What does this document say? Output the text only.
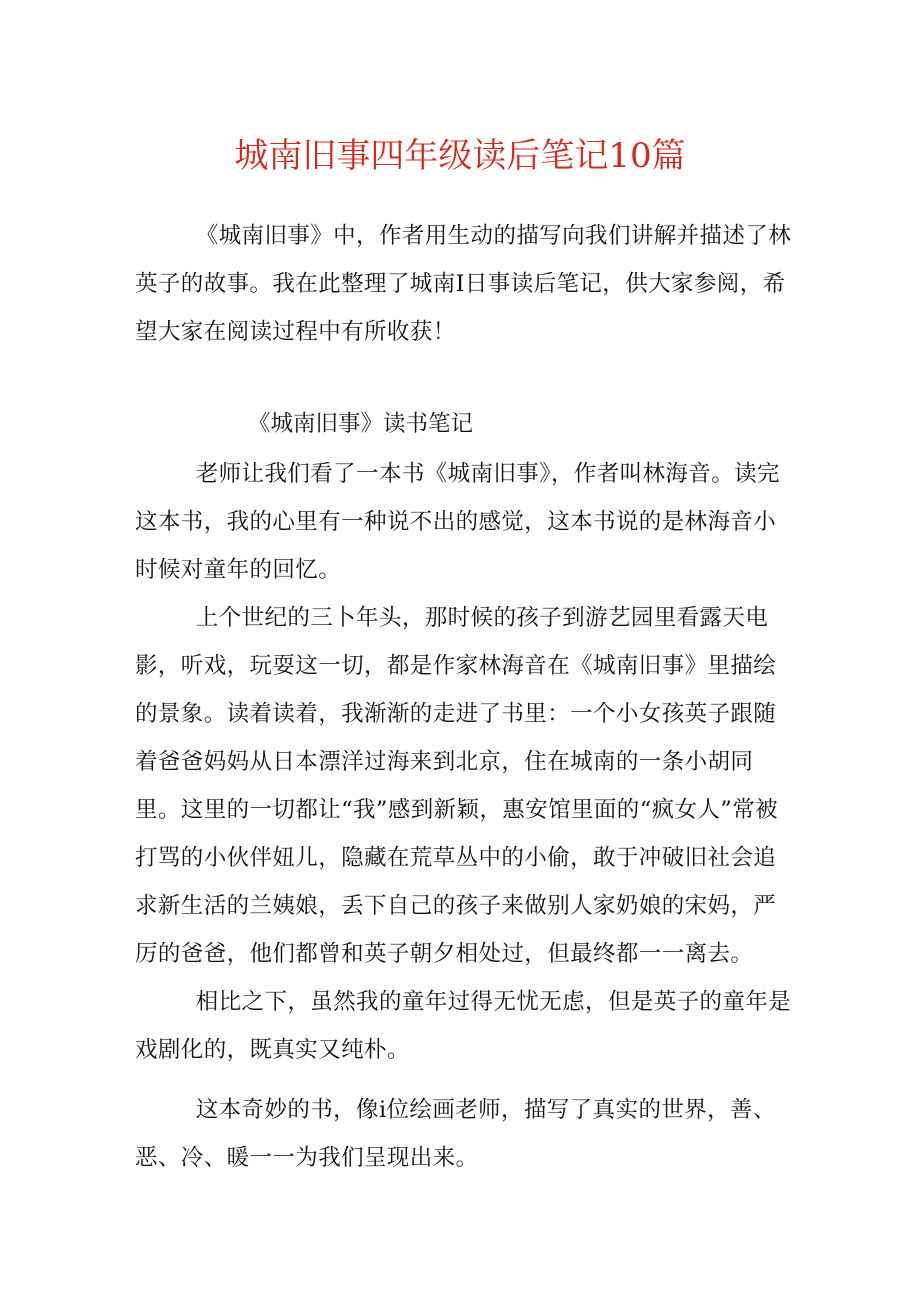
城南旧事四年级读后笔记10篇

《城南旧事》中，作者用生动的描写向我们讲解并描述了林英子的故事。我在此整理了城南I日事读后笔记，供大家参阅，希望大家在阅读过程中有所收获！

《城南旧事》读书笔记

老师让我们看了一本书《城南旧事》，作者叫林海音。读完这本书，我的心里有一种说不出的感觉，这本书说的是林海音小时候对童年的回忆。

上个世纪的三卜年头，那时候的孩子到游艺园里看露天电影，听戏，玩耍这一切，都是作家林海音在《城南旧事》里描绘的景象。读着读着，我渐渐的走进了书里：一个小女孩英子跟随着爸爸妈妈从日本漂洋过海来到北京，住在城南的一条小胡同里。这里的一切都让“我”感到新颖，惠安馆里面的“疯女人”常被打骂的小伙伴妞儿，隐藏在荒草丛中的小偷，敢于冲破旧社会追求新生活的兰姨娘，丢下自己的孩子来做别人家奶娘的宋妈，严厉的爸爸，他们都曾和英子朝夕相处过，但最终都一一离去。

相比之下，虽然我的童年过得无忧无虑，但是英子的童年是戏剧化的，既真实又纯朴。

这本奇妙的书，像i位绘画老师，描写了真实的世界，善、恶、冷、暖一一为我们呈现出来。
